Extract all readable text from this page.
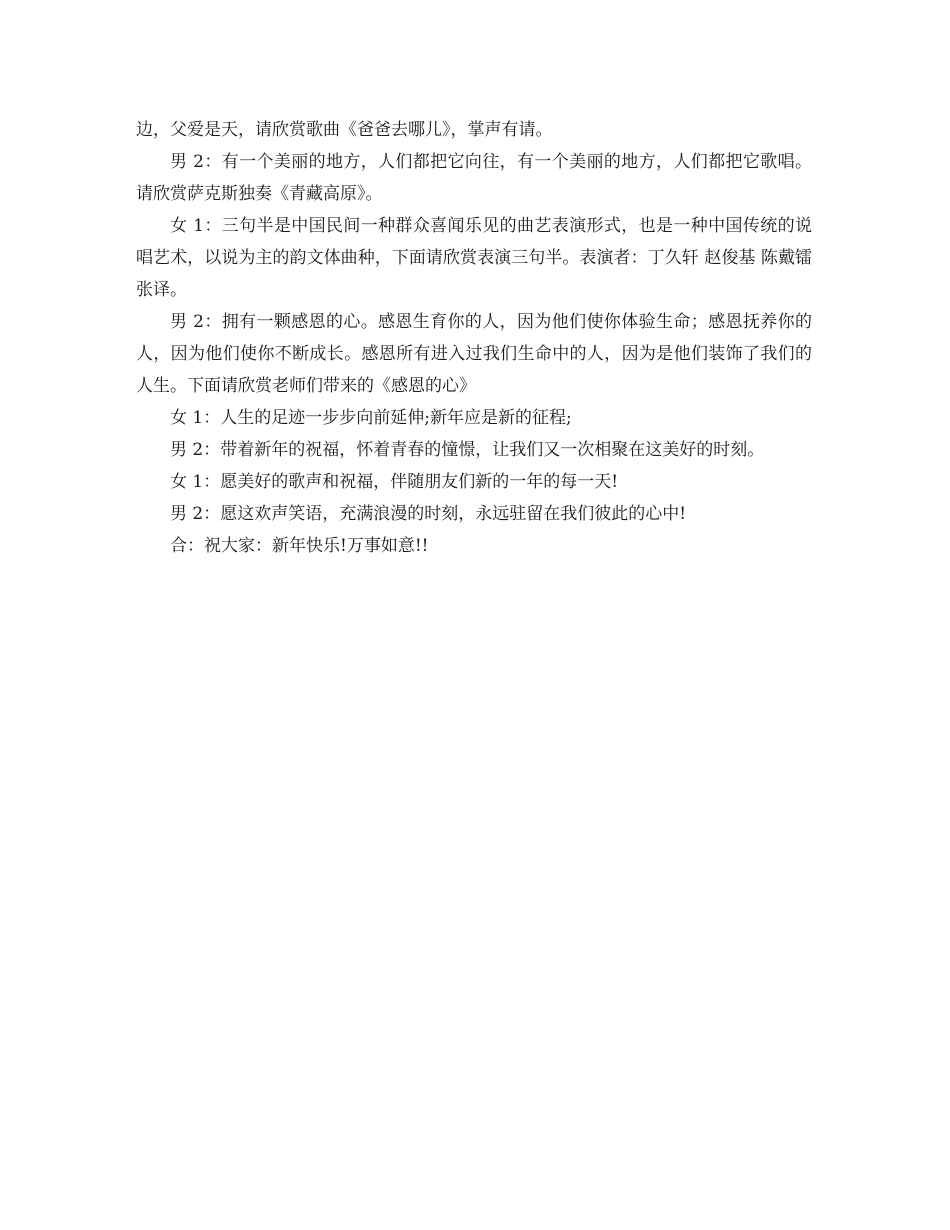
边，父爱是天，请欣赏歌曲《爸爸去哪儿》，掌声有请。

男 2：有一个美丽的地方，人们都把它向往，有一个美丽的地方，人们都把它歌唱。请欣赏萨克斯独奏《青藏高原》。

女 1：三句半是中国民间一种群众喜闻乐见的曲艺表演形式，也是一种中国传统的说唱艺术，以说为主的韵文体曲种，下面请欣赏表演三句半。表演者：丁久轩 赵俊基 陈戴镭 张译。

男 2：拥有一颗感恩的心。感恩生育你的人，因为他们使你体验生命；感恩抚养你的人，因为他们使你不断成长。感恩所有进入过我们生命中的人，因为是他们装饰了我们的人生。下面请欣赏老师们带来的《感恩的心》

女 1：人生的足迹一步步向前延伸;新年应是新的征程;

男 2：带着新年的祝福，怀着青春的憧憬，让我们又一次相聚在这美好的时刻。

女 1：愿美好的歌声和祝福，伴随朋友们新的一年的每一天!

男 2：愿这欢声笑语，充满浪漫的时刻，永远驻留在我们彼此的心中!

合：祝大家：新年快乐!万事如意!!
